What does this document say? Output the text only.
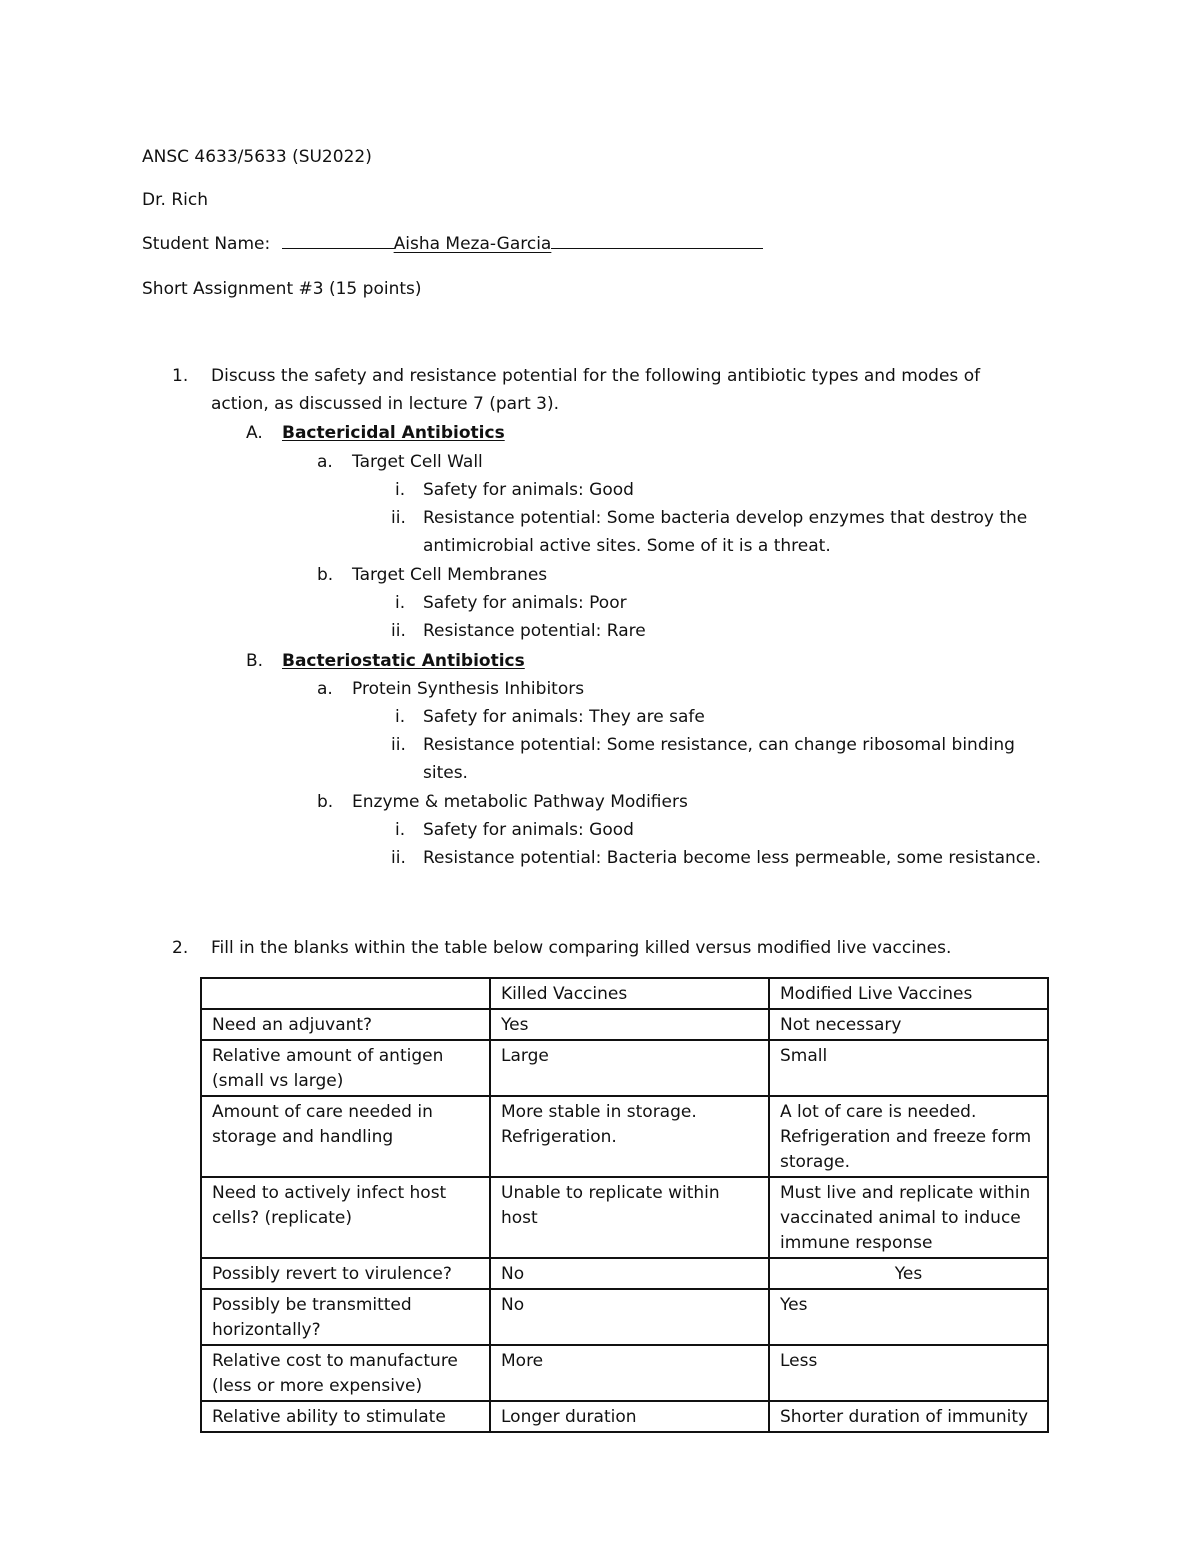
ANSC 4633/5633 (SU2022)
Dr. Rich
Student Name:	Aisha Meza-Garcia
Short Assignment #3 (15 points)
1. Discuss the safety and resistance potential for the following antibiotic types and modes of
action, as discussed in lecture 7 (part 3).
A. Bactericidal Antibiotics
a. Target Cell Wall
i. Safety for animals: Good
ii. Resistance potential: Some bacteria develop enzymes that destroy the
antimicrobial active sites. Some of it is a threat.
b. Target Cell Membranes
i. Safety for animals: Poor
ii. Resistance potential: Rare
B. Bacteriostatic Antibiotics
a. Protein Synthesis Inhibitors
i. Safety for animals: They are safe
ii. Resistance potential: Some resistance, can change ribosomal binding
sites.
b. Enzyme & metabolic Pathway Modifiers
i. Safety for animals: Good
ii. Resistance potential: Bacteria become less permeable, some resistance.
2. Fill in the blanks within the table below comparing killed versus modified live vaccines.
	Killed Vaccines	Modified Live Vaccines
Need an adjuvant?	Yes	Not necessary
Relative amount of antigen (small vs large)	Large	Small
Amount of care needed in storage and handling	More stable in storage. Refrigeration.	A lot of care is needed. Refrigeration and freeze form storage.
Need to actively infect host cells? (replicate)	Unable to replicate within host	Must live and replicate within vaccinated animal to induce immune response
Possibly revert to virulence?	No	Yes
Possibly be transmitted horizontally?	No	Yes
Relative cost to manufacture (less or more expensive)	More	Less
Relative ability to stimulate	Longer duration	Shorter duration of immunity
